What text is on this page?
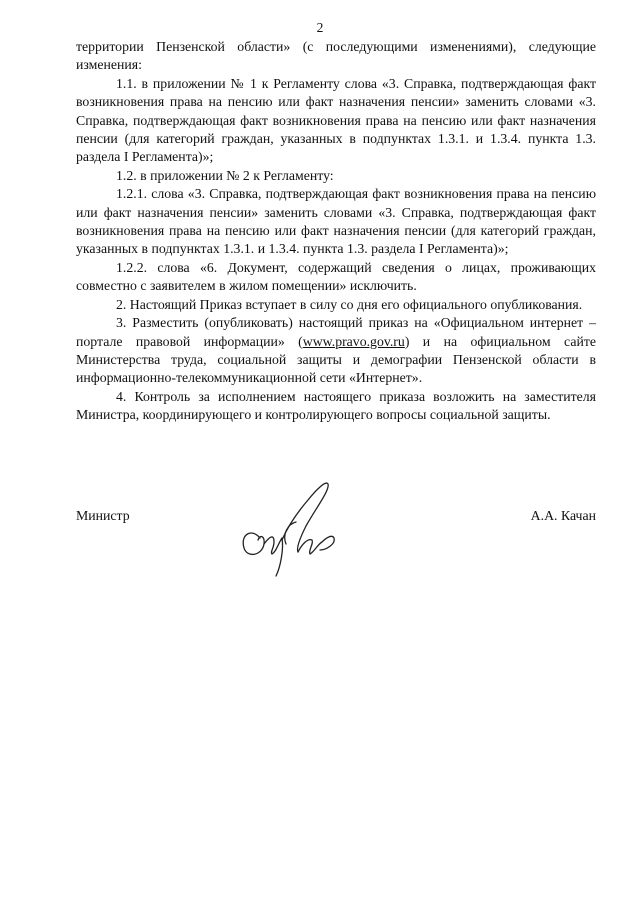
2

территории Пензенской области» (с последующими изменениями), следующие изменения:

1.1. в приложении № 1 к Регламенту слова «3. Справка, подтверждающая факт возникновения права на пенсию или факт назначения пенсии» заменить словами «3. Справка, подтверждающая факт возникновения права на пенсию или факт назначения пенсии (для категорий граждан, указанных в подпунктах 1.3.1. и 1.3.4. пункта 1.3. раздела I Регламента)»;

1.2. в приложении № 2 к Регламенту:

1.2.1. слова «3. Справка, подтверждающая факт возникновения права на пенсию или факт назначения пенсии» заменить словами «3. Справка, подтверждающая факт возникновения права на пенсию или факт назначения пенсии (для категорий граждан, указанных в подпунктах 1.3.1. и 1.3.4. пункта 1.3. раздела I Регламента)»;

1.2.2. слова «6. Документ, содержащий сведения о лицах, проживающих совместно с заявителем в жилом помещении» исключить.

2. Настоящий Приказ вступает в силу со дня его официального опубликования.

3. Разместить (опубликовать) настоящий приказ на «Официальном интернет – портале правовой информации» (www.pravo.gov.ru) и на официальном сайте Министерства труда, социальной защиты и демографии Пензенской области в информационно-телекоммуникационной сети «Интернет».

4. Контроль за исполнением настоящего приказа возложить на заместителя Министра, координирующего и контролирующего вопросы социальной защиты.

Министр	А.А. Качан
